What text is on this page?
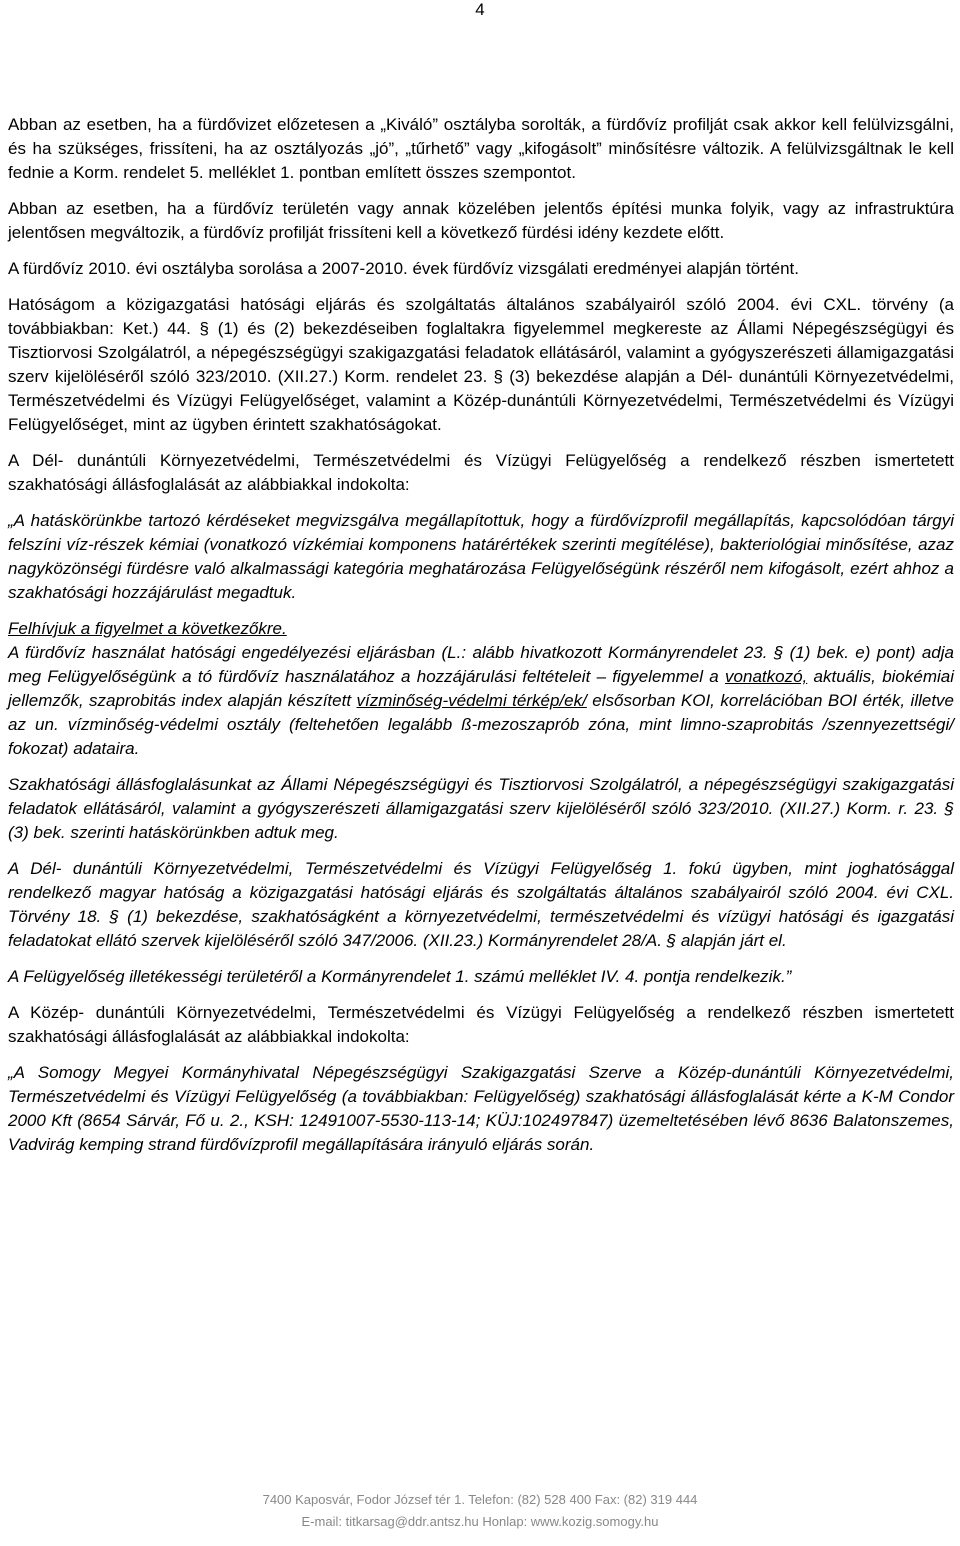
4

Abban az esetben, ha a fürdővizet előzetesen a „Kiváló” osztályba sorolták, a fürdővíz profilját csak akkor kell felülvizsgálni, és ha szükséges, frissíteni, ha az osztályozás „jó”, „tűrhető” vagy „kifogásolt” minősítésre változik. A felülvizsgáltnak le kell fednie a Korm. rendelet 5. melléklet 1. pontban említett összes szempontot.

Abban az esetben, ha a fürdővíz területén vagy annak közelében jelentős építési munka folyik, vagy az infrastruktúra jelentősen megváltozik, a fürdővíz profilját frissíteni kell a következő fürdési idény kezdete előtt.

A fürdővíz 2010. évi osztályba sorolása a 2007-2010. évek fürdővíz vizsgálati eredményei alapján történt.

Hatóságom a közigazgatási hatósági eljárás és szolgáltatás általános szabályairól szóló 2004. évi CXL. törvény (a továbbiakban: Ket.) 44. § (1) és (2) bekezdéseiben foglaltakra figyelemmel megkereste az Állami Népegészségügyi és Tisztiorvosi Szolgálatról, a népegészségügyi szakigazgatási feladatok ellátásáról, valamint a gyógyszerészeti államigazgatási szerv kijelöléséről szóló 323/2010. (XII.27.) Korm. rendelet 23. § (3) bekezdése alapján a Dél- dunántúli Környezetvédelmi, Természetvédelmi és Vízügyi Felügyelőséget, valamint a Közép-dunántúli Környezetvédelmi, Természetvédelmi és Vízügyi Felügyelőséget, mint az ügyben érintett szakhatóságokat.

A Dél- dunántúli Környezetvédelmi, Természetvédelmi és Vízügyi Felügyelőség a rendelkező részben ismertetett szakhatósági állásfoglalását az alábbiakkal indokolta:

„A hatáskörünkbe tartozó kérdéseket megvizsgálva megállapítottuk, hogy a fürdővízprofil megállapítás, kapcsolódóan tárgyi felszíni víz-részek kémiai (vonatkozó vízkémiai komponens határértékek szerinti megítélése), bakteriológiai minősítése, azaz nagyközönségi fürdésre való alkalmassági kategória meghatározása Felügyelőségünk részéről nem kifogásolt, ezért ahhoz a szakhatósági hozzájárulást megadtuk.

Felhívjuk a figyelmet a következőkre.
A fürdővíz használat hatósági engedélyezési eljárásban (L.: alább hivatkozott Kormányrendelet 23. § (1) bek. e) pont) adja meg Felügyelőségünk a tó fürdővíz használatához a hozzájárulási feltételeit – figyelemmel a vonatkozó, aktuális, biokémiai jellemzők, szaprobitás index alapján készített vízminőség-védelmi térkép/ek/ elsősorban KOI, korrelációban BOI érték, illetve az un. vízminőség-védelmi osztály (feltehetően legalább ß-mezoszaprób zóna, mint limno-szaprobitás /szennyezettségi/ fokozat) adataira.

Szakhatósági állásfoglalásunkat az Állami Népegészségügyi és Tisztiorvosi Szolgálatról, a népegészségügyi szakigazgatási feladatok ellátásáról, valamint a gyógyszerészeti államigazgatási szerv kijelöléséről szóló 323/2010. (XII.27.) Korm. r. 23. § (3) bek. szerinti hatáskörünkben adtuk meg.

A Dél- dunántúli Környezetvédelmi, Természetvédelmi és Vízügyi Felügyelőség 1. fokú ügyben, mint joghatósággal rendelkező magyar hatóság a közigazgatási hatósági eljárás és szolgáltatás általános szabályairól szóló 2004. évi CXL. Törvény 18. § (1) bekezdése, szakhatóságként a környezetvédelmi, természetvédelmi és vízügyi hatósági és igazgatási feladatokat ellátó szervek kijelöléséről szóló 347/2006. (XII.23.) Kormányrendelet 28/A. § alapján járt el.

A Felügyelőség illetékességi területéről a Kormányrendelet 1. számú melléklet IV. 4. pontja rendelkezik.”

A Közép- dunántúli Környezetvédelmi, Természetvédelmi és Vízügyi Felügyelőség a rendelkező részben ismertetett szakhatósági állásfoglalását az alábbiakkal indokolta:

„A Somogy Megyei Kormányhivatal Népegészségügyi Szakigazgatási Szerve a Közép-dunántúli Környezetvédelmi, Természetvédelmi és Vízügyi Felügyelőség (a továbbiakban: Felügyelőség) szakhatósági állásfoglalását kérte a K-M Condor 2000 Kft (8654 Sárvár, Fő u. 2., KSH: 12491007-5530-113-14; KÜJ:102497847) üzemeltetésében lévő 8636 Balatonszemes, Vadvirág kemping strand fürdővízprofil megállapítására irányuló eljárás során.

7400 Kaposvár, Fodor József tér 1. Telefon: (82) 528 400 Fax: (82) 319 444
E-mail: titkarsag@ddr.antsz.hu Honlap: www.kozig.somogy.hu
